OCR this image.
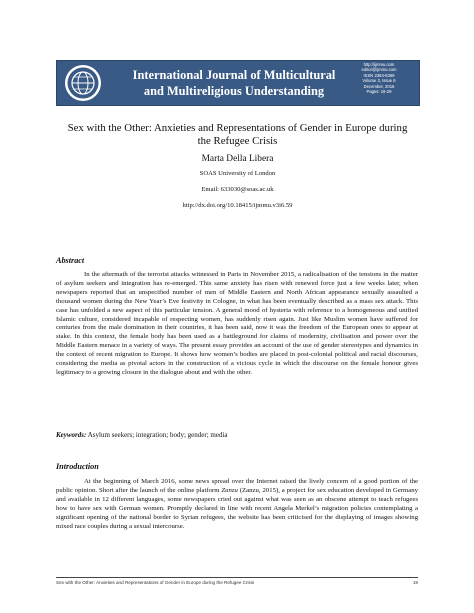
International Journal of Multicultural
and Multireligious Understanding
http://ijmmu.com
editor@ijmmu.com
ISSN 2364-5369
Volume 3, Issue 6
December, 2016
Pages: 19-29
Sex with the Other: Anxieties and Representations of Gender in Europe during the Refugee Crisis
Marta Della Libera
SOAS University of London
Email: 633030@soas.ac.uk
http://dx.doi.org/10.18415/ijmmu.v3i6.59
Abstract

In the aftermath of the terrorist attacks witnessed in Paris in November 2015, a radicalisation of the tensions in the matter of asylum seekers and integration has re-emerged. This same anxiety has risen with renewed force just a few weeks later, when newspapers reported that an unspecified number of men of Middle Eastern and North African appearance sexually assaulted a thousand women during the New Year’s Eve festivity in Cologne, in what has been eventually described as a mass sex attack. This case has unfolded a new aspect of this particular tension. A general mood of hysteria with reference to a homogeneous and unified Islamic culture, considered incapable of respecting women, has suddenly risen again. Just like Muslim women have suffered for centuries from the male domination in their countries, it has been said, now it was the freedom of the European ones to appear at stake. In this context, the female body has been used as a battleground for claims of modernity, civilisation and power over the Middle Eastern menace in a variety of ways. The present essay provides an account of the use of gender stereotypes and dynamics in the context of recent migration to Europe. It shows how women’s bodies are placed in post-colonial political and racial discourses, considering the media as pivotal actors in the construction of a vicious cycle in which the discourse on the female honour gives legitimacy to a growing closure in the dialogue about and with the other.

Keywords: Asylum seekers; integration; body; gender; media
Introduction

At the beginning of March 2016, some news spread over the Internet raised the lively concern of a good portion of the public opinion. Short after the launch of the online platform Zanzu (Zanzu, 2015), a project for sex education developed in Germany and available in 12 different languages, some newspapers cried out against what was seen as an obscene attempt to teach refugees how to have sex with German women. Promptly declared in line with recent Angela Merkel’s migration policies contemplating a significant opening of the national border to Syrian refugees, the website has been criticised for the displaying of images showing mixed race couples during a sexual intercourse.

Sex with the Other: Anxieties and Representations of Gender in Europe during the Refugee Crisis	19
